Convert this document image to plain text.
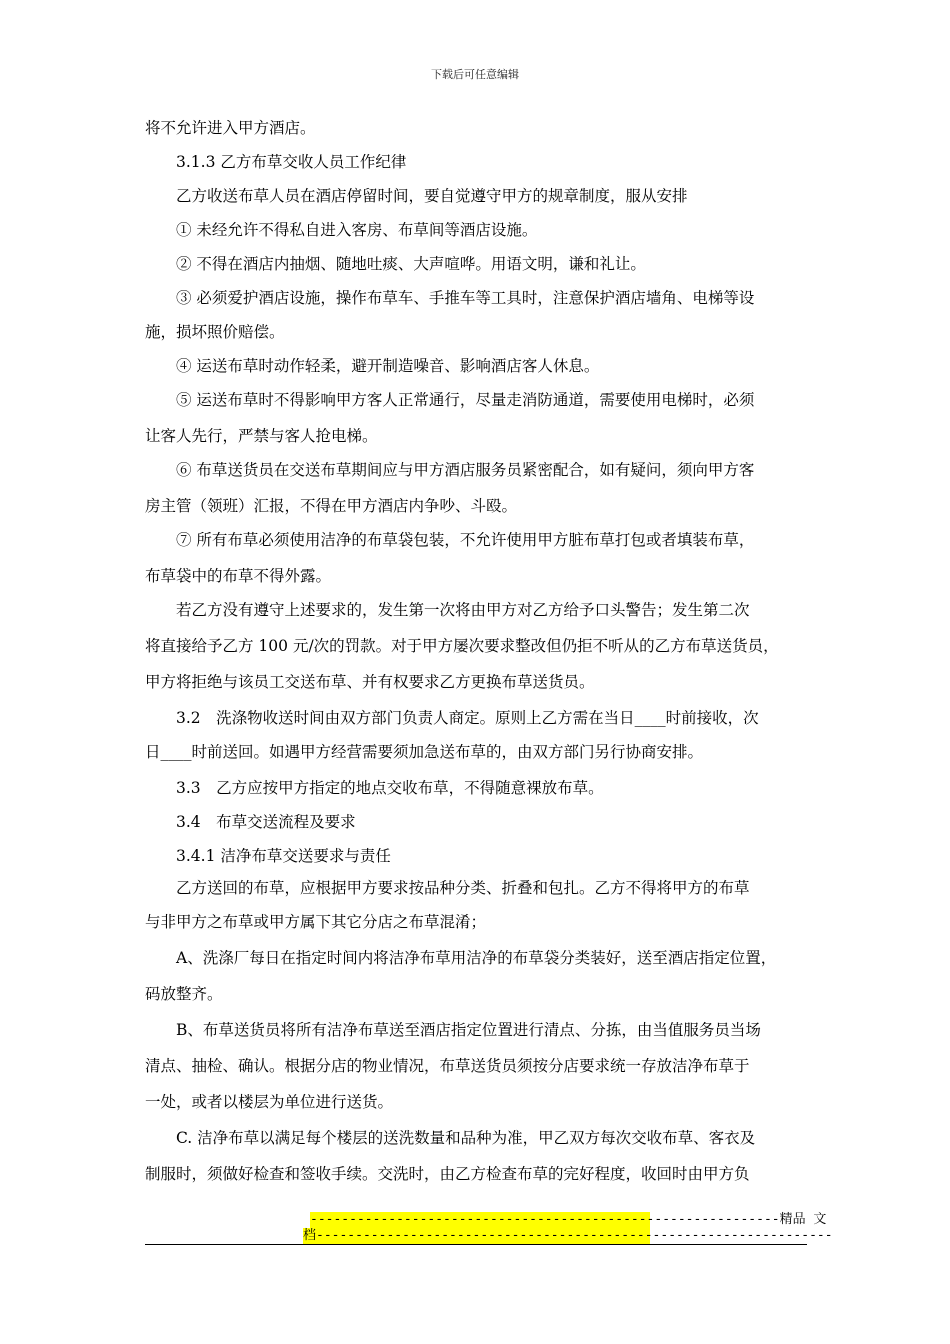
下载后可任意编辑
将不允许进入甲方酒店。
3.1.3 乙方布草交收人员工作纪律
乙方收送布草人员在酒店停留时间，要自觉遵守甲方的规章制度，服从安排
① 未经允许不得私自进入客房、布草间等酒店设施。
② 不得在酒店内抽烟、随地吐痰、大声喧哗。用语文明，谦和礼让。
③ 必须爱护酒店设施，操作布草车、手推车等工具时，注意保护酒店墙角、电梯等设
施，损坏照价赔偿。
④ 运送布草时动作轻柔，避开制造噪音、影响酒店客人休息。
⑤ 运送布草时不得影响甲方客人正常通行，尽量走消防通道，需要使用电梯时，必须
让客人先行，严禁与客人抢电梯。
⑥ 布草送货员在交送布草期间应与甲方酒店服务员紧密配合，如有疑问，须向甲方客
房主管（领班）汇报，不得在甲方酒店内争吵、斗殴。
⑦ 所有布草必须使用洁净的布草袋包装，不允许使用甲方脏布草打包或者填装布草，
布草袋中的布草不得外露。
若乙方没有遵守上述要求的，发生第一次将由甲方对乙方给予口头警告；发生第二次
将直接给予乙方 100 元/次的罚款。对于甲方屡次要求整改但仍拒不听从的乙方布草送货员，
甲方将拒绝与该员工交送布草、并有权要求乙方更换布草送货员。
3.2　洗涤物收送时间由双方部门负责人商定。原则上乙方需在当日____时前接收，次
日____时前送回。如遇甲方经营需要须加急送布草的，由双方部门另行协商安排。
3.3　乙方应按甲方指定的地点交收布草，不得随意裸放布草。
3.4　布草交送流程及要求
3.4.1 洁净布草交送要求与责任
乙方送回的布草，应根据甲方要求按品种分类、折叠和包扎。乙方不得将甲方的布草
与非甲方之布草或甲方属下其它分店之布草混淆；
A、洗涤厂每日在指定时间内将洁净布草用洁净的布草袋分类装好，送至酒店指定位置，
码放整齐。
B、布草送货员将所有洁净布草送至酒店指定位置进行清点、分拣，由当值服务员当场
清点、抽检、确认。根据分店的物业情况，布草送货员须按分店要求统一存放洁净布草于
一处，或者以楼层为单位进行送货。
C. 洁净布草以满足每个楼层的送洗数量和品种为准，甲乙双方每次交收布草、客衣及
制服时，须做好检查和签收手续。交洗时，由乙方检查布草的完好程度，收回时由甲方负
------------------------------------------------------------精品 文
档------------------------------------------------------------------
